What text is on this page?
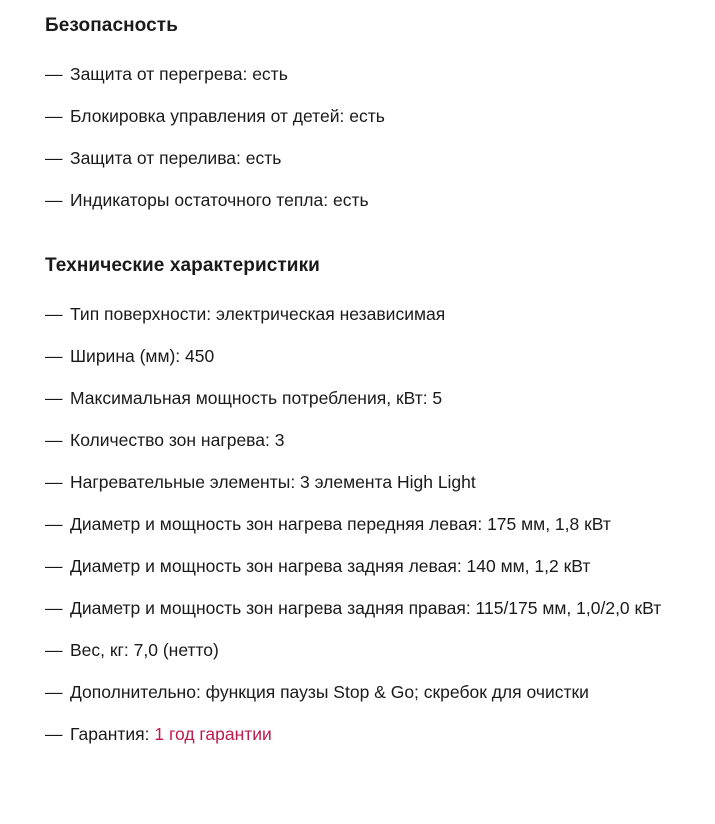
Безопасность
— Защита от перегрева: есть
— Блокировка управления от детей: есть
— Защита от перелива: есть
— Индикаторы остаточного тепла: есть
Технические характеристики
— Тип поверхности: электрическая независимая
— Ширина (мм): 450
— Максимальная мощность потребления, кВт: 5
— Количество зон нагрева: 3
— Нагревательные элементы: 3 элемента High Light
— Диаметр и мощность зон нагрева передняя левая: 175 мм, 1,8 кВт
— Диаметр и мощность зон нагрева задняя левая: 140 мм, 1,2 кВт
— Диаметр и мощность зон нагрева задняя правая: 115/175 мм, 1,0/2,0 кВт
— Вес, кг: 7,0 (нетто)
— Дополнительно: функция паузы Stop & Go; скребок для очистки
— Гарантия: 1 год гарантии
